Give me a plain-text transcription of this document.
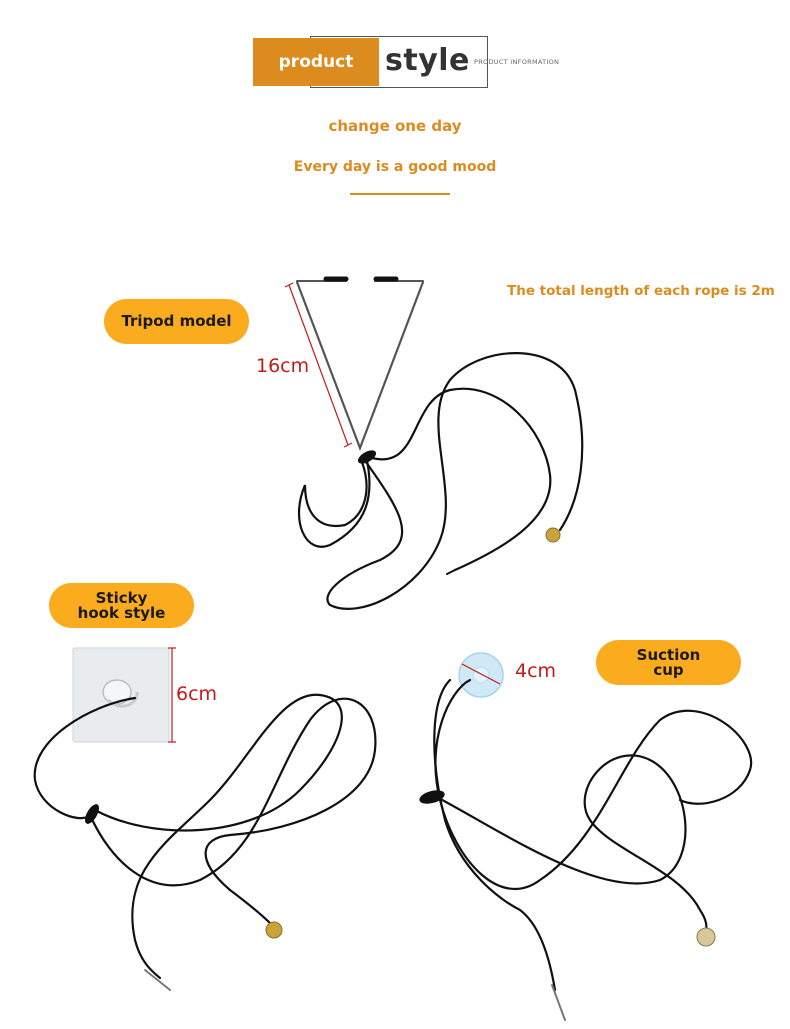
product	style PRODUCT INFORMATION
change one day
Every day is a good mood
The total length of each rope is 2m
Tripod model
Sticky
hook style
Suction
cup
16cm
6cm
4cm
